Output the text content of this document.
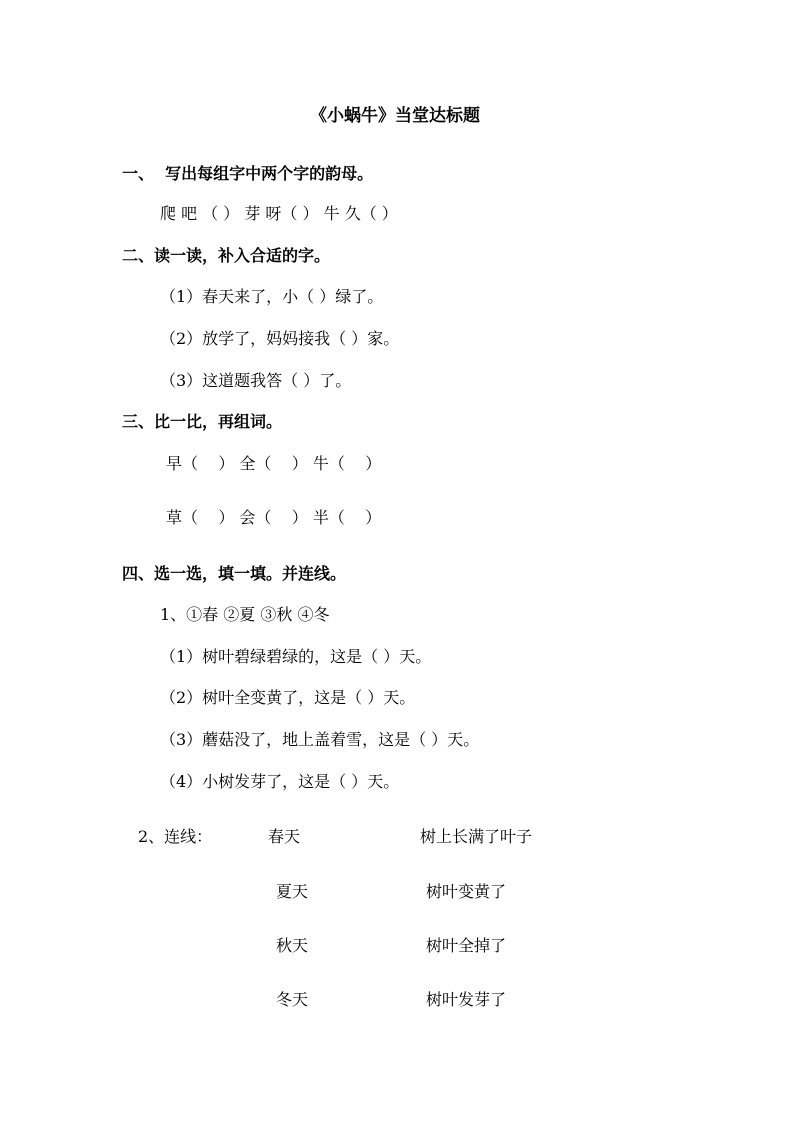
《小蜗牛》当堂达标题
一、  写出每组字中两个字的韵母。
爬 吧 （ ） 芽 呀（ ） 牛 久（ ）
二、读一读，补入合适的字。
（1）春天来了，小（ ）绿了。
（2）放学了，妈妈接我（ ）家。
（3）这道题我答（ ）了。
三、比一比，再组词。
早（    ） 全（    ） 牛（    ）
草（    ） 会（    ） 半（    ）
四、选一选，填一填。并连线。
1、①春 ②夏 ③秋 ④冬
（1）树叶碧绿碧绿的，这是（ ）天。
（2）树叶全变黄了，这是（ ）天。
（3）蘑菇没了，地上盖着雪，这是（ ）天。
（4）小树发芽了，这是（ ）天。
2、连线：	春天
夏天
秋天
冬天
树上长满了叶子
树叶变黄了
树叶全掉了
树叶发芽了
